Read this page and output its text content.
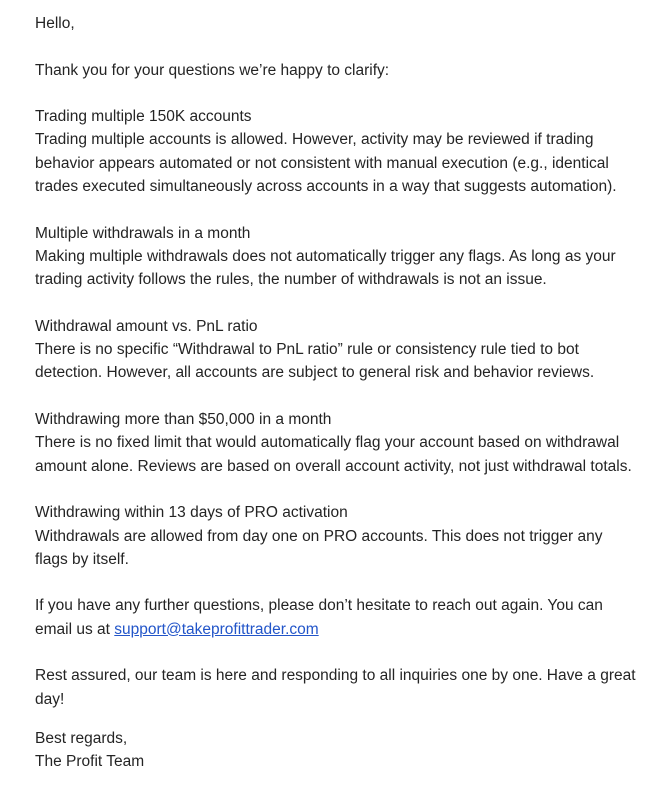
Hello,

Thank you for your questions we’re happy to clarify:

Trading multiple 150K accounts

Trading multiple accounts is allowed. However, activity may be reviewed if trading behavior appears automated or not consistent with manual execution (e.g., identical trades executed simultaneously across accounts in a way that suggests automation).

Multiple withdrawals in a month

Making multiple withdrawals does not automatically trigger any flags. As long as your trading activity follows the rules, the number of withdrawals is not an issue.

Withdrawal amount vs. PnL ratio

There is no specific “Withdrawal to PnL ratio” rule or consistency rule tied to bot detection. However, all accounts are subject to general risk and behavior reviews.

Withdrawing more than $50,000 in a month

There is no fixed limit that would automatically flag your account based on withdrawal amount alone. Reviews are based on overall account activity, not just withdrawal totals.

Withdrawing within 13 days of PRO activation

Withdrawals are allowed from day one on PRO accounts. This does not trigger any flags by itself.

If you have any further questions, please don’t hesitate to reach out again. You can email us at support@takeprofittrader.com

Rest assured, our team is here and responding to all inquiries one by one. Have a great day!

Best regards,

The Profit Team
